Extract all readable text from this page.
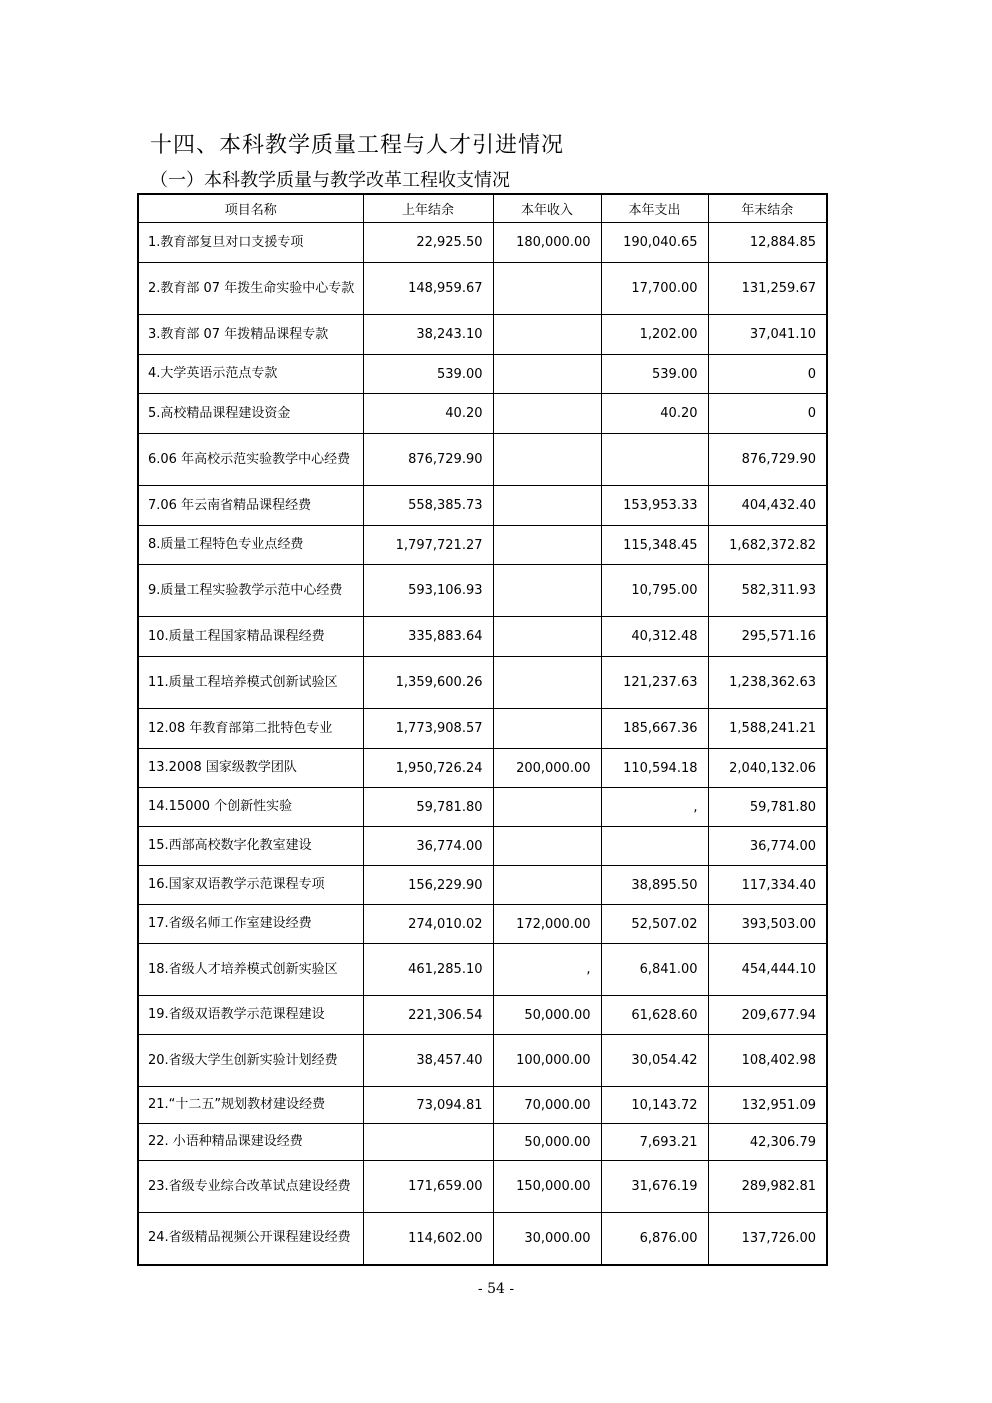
十四、本科教学质量工程与人才引进情况
（一）本科教学质量与教学改革工程收支情况
项目名称	上年结余	本年收入	本年支出	年末结余
1.教育部复旦对口支援专项	22,925.50	180,000.00	190,040.65	12,884.85
2.教育部 07 年拨生命实验中心专款	148,959.67		17,700.00	131,259.67
3.教育部 07 年拨精品课程专款	38,243.10		1,202.00	37,041.10
4.大学英语示范点专款	539.00		539.00	0
5.高校精品课程建设资金	40.20		40.20	0
6.06 年高校示范实验教学中心经费	876,729.90			876,729.90
7.06 年云南省精品课程经费	558,385.73		153,953.33	404,432.40
8.质量工程特色专业点经费	1,797,721.27		115,348.45	1,682,372.82
9.质量工程实验教学示范中心经费	593,106.93		10,795.00	582,311.93
10.质量工程国家精品课程经费	335,883.64		40,312.48	295,571.16
11.质量工程培养模式创新试验区	1,359,600.26		121,237.63	1,238,362.63
12.08 年教育部第二批特色专业	1,773,908.57		185,667.36	1,588,241.21
13.2008 国家级教学团队	1,950,726.24	200,000.00	110,594.18	2,040,132.06
14.15000 个创新性实验	59,781.80		,	59,781.80
15.西部高校数字化教室建设	36,774.00			36,774.00
16.国家双语教学示范课程专项	156,229.90		38,895.50	117,334.40
17.省级名师工作室建设经费	274,010.02	172,000.00	52,507.02	393,503.00
18.省级人才培养模式创新实验区	461,285.10	,	6,841.00	454,444.10
19.省级双语教学示范课程建设	221,306.54	50,000.00	61,628.60	209,677.94
20.省级大学生创新实验计划经费	38,457.40	100,000.00	30,054.42	108,402.98
21.“十二五”规划教材建设经费	73,094.81	70,000.00	10,143.72	132,951.09
22. 小语种精品课建设经费		50,000.00	7,693.21	42,306.79
23.省级专业综合改革试点建设经费	171,659.00	150,000.00	31,676.19	289,982.81
24.省级精品视频公开课程建设经费	114,602.00	30,000.00	6,876.00	137,726.00
- 54 -
